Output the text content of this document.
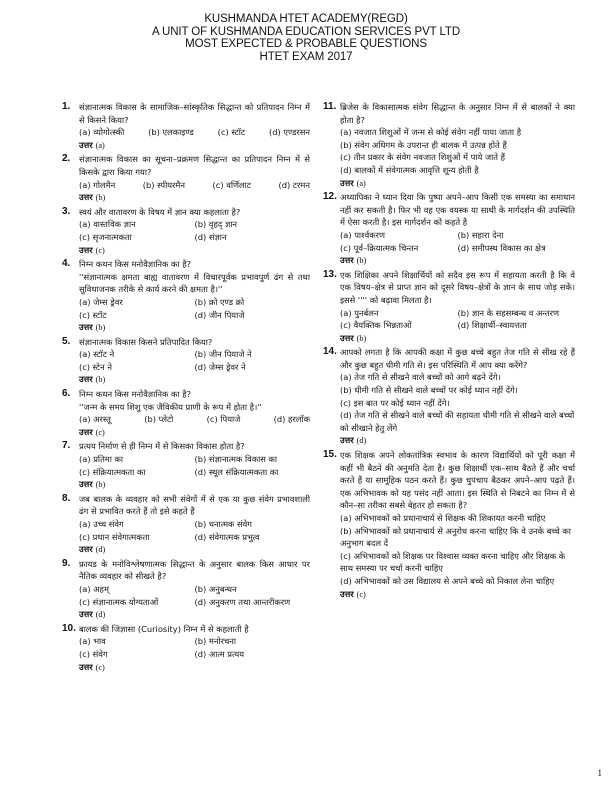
KUSHMANDA HTET ACADEMY(REGD)
A UNIT OF KUSHMANDA EDUCATION SERVICES PVT LTD
MOST EXPECTED & PROBABLE QUESTIONS
HTET EXAM 2017
1. संज्ञानात्मक विकास के सामाजिक–सांस्कृतिक सिद्धान्त को प्रतिपादन निम्न में से किसने किया?
(a) व्योगोत्स्की	(b) एलकाइण्ड	(c) स्टॉट	(d) एण्डरसन
उत्तर (a)
2. संज्ञानात्मक विकास का सूचना–प्रक्रमण सिद्धान्त का प्रतिपादन निम्न में से किसके द्वारा किया गया?
(a) गोलमैन	(b) स्पीयरमैन	(c) वर्णिलाट	(d) टरमन
उत्तर (b)
3. स्वयं और वातावरण के विषय में ज्ञान क्या कहलाता है?
(a) वास्तविक ज्ञान	(b) वृहद् ज्ञान
(c) सृजनात्मकता	(d) संज्ञान
उत्तर (c)
4. निम्न कथन किस मनोवैज्ञानिक का है?
''संज्ञानात्मक क्षमता बाह्य वातावरण में विचारपूर्वक प्रभावपूर्ण ढंग से तथा सुविधाजनक तरीके से कार्य करने की क्षमता है।''
(a) जेम्स ड्रेवर	(b) क्रो एण्ड क्रो
(c) स्टॉट	(d) जीन पियाजे
उत्तर (b)
5. संज्ञानात्मक विकास किसने प्रतिपादित किया?
(a) स्टॉट ने	(b) जीन पियाजे ने
(c) स्टेन ने	(d) जेम्स ड्रेवर ने
उत्तर (b)
6. निम्न कथन किस मनोवैज्ञानिक का है?
''जन्म के समय शिशु एक जैविकीय प्राणी के रूप में होता है।''
(a) अरस्तू	(b) प्लेटो	(c) पियाजे	(d) हरलॉक
उत्तर (c)
7. प्रत्यय निर्माण से ही निम्न में से किसका विकास होता है?
(a) प्रतिमा का	(b) संज्ञानात्मक विकास का
(c) संक्रियात्मकता का	(d) स्थूल संक्रियात्मकता का
उत्तर (b)
8. जब बालक के व्यवहार को सभी संवेगों में से एक या कुछ संवेग प्रभावशाली ढंग से प्रभावित करते हैं तो इसे कहते हैं
(a) उच्च संवेग	(b) धनात्मक संवेग
(c) प्रधान संवेगात्मकता	(d) संवेगात्मक प्रभुत्व
उत्तर (d)
9. फ्रायड के मनोविश्लेषणात्मक सिद्धान्त के अनुसार बालक किस आधार पर नैतिक व्यवहार को सीखते है?
(a) अहम्	(b) अनुबन्धन
(c) संज्ञानात्मक योग्यताओं	(d) अनुकरण तथा आन्तरीकरण
उत्तर (d)
10. बालक की जिज्ञासा (Curiosity) निम्न में से कहलाती है
(a) भाव	(b) मनोरचना
(c) संवेग	(d) आत्म प्रत्यय
उत्तर (c)
11. ब्रिजेस के विकासात्मक संवेग सिद्धान्त के अनुसार निम्न में से बालकों ने क्या होता है?
(a) नवजात शिशुओं में जन्म से कोई संवेग नहीं पाया जाता है
(b) संवेग अधिगम के उपरान्त ही बालक में उत्पन्न होते हैं
(c) तीन प्रकार के संवेग नवजात शिशुओं में पाये जाते हैं
(d) बालकों में संवेगात्मक आवृत्ति शून्य होती है
उत्तर (a)
12. अध्यापिका ने ध्यान दिया कि पुष्पा अपने–आप किसी एक समस्या का समाधान नहीं कर सकती है। फिर भी वह एक वयस्क या साथी के मार्गदर्शन की उपस्थिति में ऐसा करती है। इस मार्गदर्शन को कहते है
(a) पार्श्वकरण	(b) सहारा देना
(c) पूर्व–क्रियात्मक चिन्तन	(d) समीपस्थ विकास का क्षेत्र
उत्तर (b)
13. एक शिक्षिका अपने शिक्षार्थियों को सदैव इस रूप में सहायता करती है कि वे एक विषय–क्षेत्र से प्राप्त ज्ञान को दूसरे विषय–क्षेत्रों के ज्ञान के साथ जोड़ सकें। इससे '''' को बढ़ावा मिलता है।
(a) पुनर्बलन	(b) ज्ञान के सहसम्बन्ध व अन्तरण
(c) वैयक्तिक भिन्नताओं	(d) शिक्षार्थी–स्वायत्तता
उत्तर (b)
14. आपको लगता है कि आपकी कक्षा में कुछ बच्चे बहुत तेज गति से सीख रहे हैं और कुछ बहुत धीमी गति से। इस परिस्थिति में आप क्या करेंगे?
(a) तेज गति से सीखने वाले बच्चों को आगे बढ़ने देंगे।
(b) धीमी गति से सीखने वाले बच्चों पर कोई ध्यान नहीं देंगे।
(c) इस बात पर कोई ध्यान नहीं देंगे।
(d) तेज गति से सीखने वाले बच्चों की सहायता धीमी गति से सीखने वाले बच्चों को सीखाने हेतु लेंगे
उत्तर (d)
15. एक शिक्षक अपने लोकतांत्रिक स्वभाव के कारण विद्यार्थियों को पूरी कक्षा में कहीं भी बैठने की अनुमति देता है। कुछ शिक्षार्थी एक–साथ बैठते हैं और चर्चा करते हैं या सामूहिक पठन करते हैं। कुछ चुपचाप बैठकर अपने–आप पढ़ते हैं। एक अभिभावक को यह पसंद नहीं आता। इस स्थिति से निबटने का निम्न में से कौन–सा तरीका सबसे बेहतर हो सकता है?
(a) अभिभावकों को प्रधानाचार्य से शिक्षक की शिकायत करनी चाहिए
(b) अभिभावकों को प्रधानाचार्य से अनुरोध करना चाहिए कि वे उनके बच्चे का अनुभाग बदल दें
(c) अभिभावकों को शिक्षक पर विश्वास व्यक्त करना चाहिए और शिक्षक के साथ समस्या पर चर्चा करनी चाहिए
(d) अभिभावकों को उस विद्यालय से अपने बच्चे को निकाल लेना चाहिए
उत्तर (c)
1
